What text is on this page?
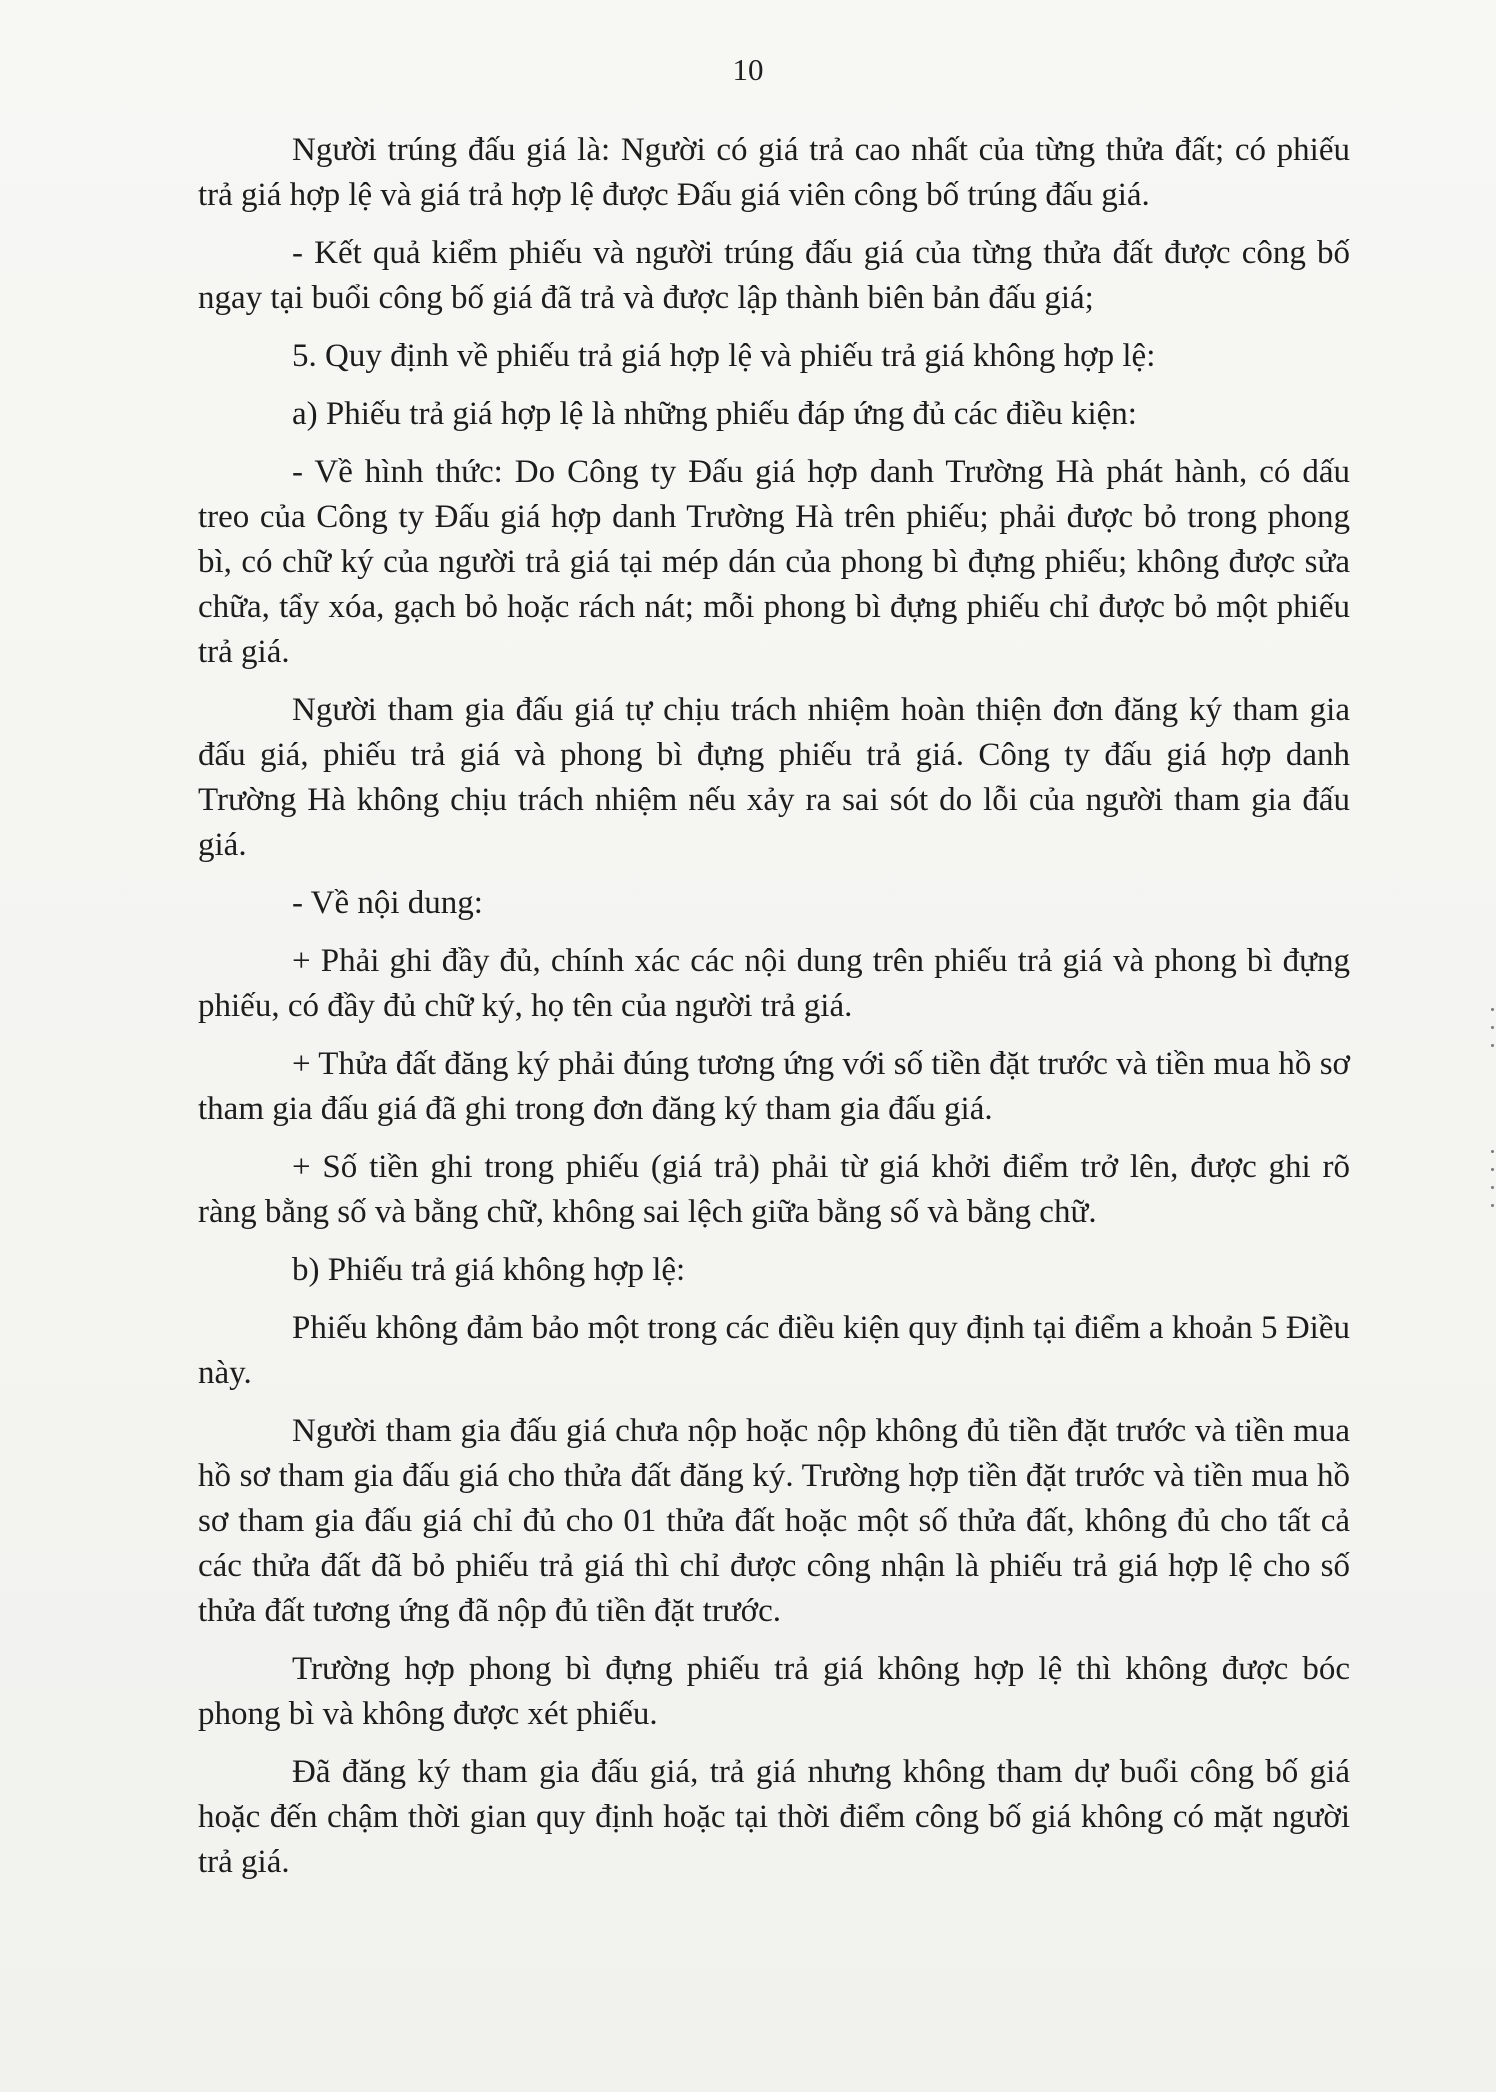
10

Người trúng đấu giá là: Người có giá trả cao nhất của từng thửa đất; có phiếu trả giá hợp lệ và giá trả hợp lệ được Đấu giá viên công bố trúng đấu giá.

- Kết quả kiểm phiếu và người trúng đấu giá của từng thửa đất được công bố ngay tại buổi công bố giá đã trả và được lập thành biên bản đấu giá;

5. Quy định về phiếu trả giá hợp lệ và phiếu trả giá không hợp lệ:

a) Phiếu trả giá hợp lệ là những phiếu đáp ứng đủ các điều kiện:

- Về hình thức: Do Công ty Đấu giá hợp danh Trường Hà phát hành, có dấu treo của Công ty Đấu giá hợp danh Trường Hà trên phiếu; phải được bỏ trong phong bì, có chữ ký của người trả giá tại mép dán của phong bì đựng phiếu; không được sửa chữa, tẩy xóa, gạch bỏ hoặc rách nát; mỗi phong bì đựng phiếu chỉ được bỏ một phiếu trả giá.

Người tham gia đấu giá tự chịu trách nhiệm hoàn thiện đơn đăng ký tham gia đấu giá, phiếu trả giá và phong bì đựng phiếu trả giá. Công ty đấu giá hợp danh Trường Hà không chịu trách nhiệm nếu xảy ra sai sót do lỗi của người tham gia đấu giá.

- Về nội dung:

+ Phải ghi đầy đủ, chính xác các nội dung trên phiếu trả giá và phong bì đựng phiếu, có đầy đủ chữ ký, họ tên của người trả giá.

+ Thửa đất đăng ký phải đúng tương ứng với số tiền đặt trước và tiền mua hồ sơ tham gia đấu giá đã ghi trong đơn đăng ký tham gia đấu giá.

+ Số tiền ghi trong phiếu (giá trả) phải từ giá khởi điểm trở lên, được ghi rõ ràng bằng số và bằng chữ, không sai lệch giữa bằng số và bằng chữ.

b) Phiếu trả giá không hợp lệ:

Phiếu không đảm bảo một trong các điều kiện quy định tại điểm a khoản 5 Điều này.

Người tham gia đấu giá chưa nộp hoặc nộp không đủ tiền đặt trước và tiền mua hồ sơ tham gia đấu giá cho thửa đất đăng ký. Trường hợp tiền đặt trước và tiền mua hồ sơ tham gia đấu giá chỉ đủ cho 01 thửa đất hoặc một số thửa đất, không đủ cho tất cả các thửa đất đã bỏ phiếu trả giá thì chỉ được công nhận là phiếu trả giá hợp lệ cho số thửa đất tương ứng đã nộp đủ tiền đặt trước.

Trường hợp phong bì đựng phiếu trả giá không hợp lệ thì không được bóc phong bì và không được xét phiếu.

Đã đăng ký tham gia đấu giá, trả giá nhưng không tham dự buổi công bố giá hoặc đến chậm thời gian quy định hoặc tại thời điểm công bố giá không có mặt người trả giá.
